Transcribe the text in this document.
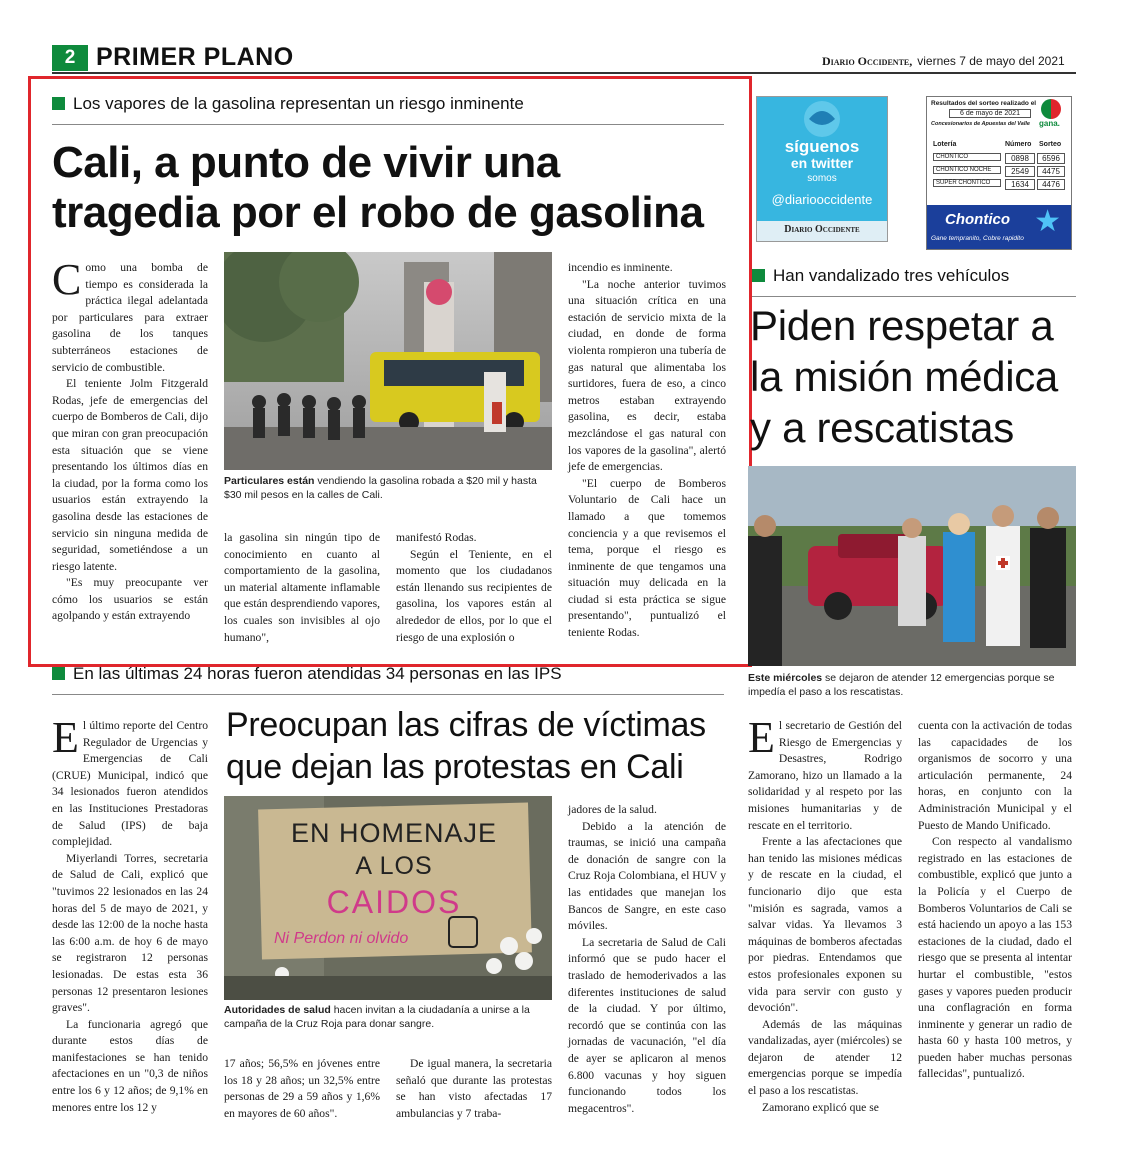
2 PRIMER PLANO	Diario Occidente, viernes 7 de mayo del 2021
Los vapores de la gasolina representan un riesgo inminente
Cali, a punto de vivir una
tragedia por el robo de gasolina
C omo una bomba de tiempo es considerada la práctica ilegal adelantada por particulares para extraer gasolina de los tanques subterráneos estaciones de servicio de combustible.

El teniente Jolm Fitzgerald Rodas, jefe de emergencias del cuerpo de Bomberos de Cali, dijo que miran con gran preocupación esta situación que se viene presentando los últimos días en la ciudad, por la forma como los usuarios están extrayendo la gasolina desde las estaciones de servicio sin ninguna medida de seguridad, sometiéndose a un riesgo latente.

"Es muy preocupante ver cómo los usuarios se están agolpando y están extrayendo

Particulares están vendiendo la gasolina robada a $20 mil y hasta $30 mil pesos en la calles de Cali.

la gasolina sin ningún tipo de conocimiento en cuanto al comportamiento de la gasolina, un material altamente inflamable que están desprendiendo vapores, los cuales son invisibles al ojo humano",

manifestó Rodas.

Según el Teniente, en el momento que los ciudadanos están llenando sus recipientes de gasolina, los vapores están al alrededor de ellos, por lo que el riesgo de una explosión o

incendio es inminente.

"La noche anterior tuvimos una situación crítica en una estación de servicio mixta de la ciudad, en donde de forma violenta rompieron una tubería de gas natural que alimentaba los surtidores, fuera de eso, a cinco metros estaban extrayendo gasolina, es decir, estaba mezclándose el gas natural con los vapores de la gasolina", alertó jefe de emergencias.

"El cuerpo de Bomberos Voluntario de Cali hace un llamado a que tomemos conciencia y a que revisemos el tema, porque el riesgo es inminente de que tengamos una situación muy delicada en la ciudad si esta práctica se sigue presentando", puntualizó el teniente Rodas.

síguenos
en twitter
somos
@diariooccidente
Diario Occidente
Resultados del sorteo realizado el
6 de mayo de 2021
Concesionarios de Apuestas del Valle gana.
Lotería	Número Sorteo
CHONTICO	0898	6596
CHONTICO NOCHE	2549	4475
SUPER CHONTICO	1634	4476
★
Chontico
Gane tempranito, Cobre rapidito
Han vandalizado tres vehículos
Piden respetar a
la misión médica
y a rescatistas
Este miércoles se dejaron de atender 12 emergencias porque se impedía el paso a los rescatistas.
E l secretario de Gestión del Riesgo de Emergencias y Desastres, Rodrigo Zamorano, hizo un llamado a la solidaridad y al respeto por las misiones humanitarias y de rescate en el territorio.

Frente a las afectaciones que han tenido las misiones médicas y de rescate en la ciudad, el funcionario dijo que esta "misión es sagrada, vamos a salvar vidas. Ya llevamos 3 máquinas de bomberos afectadas por piedras. Entendamos que estos profesionales exponen su vida para servir con gusto y devoción".

Además de las máquinas vandalizadas, ayer (miércoles) se dejaron de atender 12 emergencias porque se impedía el paso a los rescatistas.

Zamorano explicó que se

cuenta con la activación de todas las capacidades de los organismos de socorro y una articulación permanente, 24 horas, en conjunto con la Administración Municipal y el Puesto de Mando Unificado.

Con respecto al vandalismo registrado en las estaciones de combustible, explicó que junto a la Policía y el Cuerpo de Bomberos Voluntarios de Cali se está haciendo un apoyo a las 153 estaciones de la ciudad, dado el riesgo que se presenta al intentar hurtar el combustible, "estos gases y vapores pueden producir una conflagración en forma inminente y generar un radio de hasta 60 y hasta 100 metros, y pueden haber muchas personas fallecidas", puntualizó.

En las últimas 24 horas fueron atendidas 34 personas en las IPS
E l último reporte del Centro Regulador de Urgencias y Emergencias de Cali (CRUE) Municipal, indicó que 34 lesionados fueron atendidos en las Instituciones Prestadoras de Salud (IPS) de baja complejidad.

Miyerlandi Torres, secretaria de Salud de Cali, explicó que "tuvimos 22 lesionados en las 24 horas del 5 de mayo de 2021, y desde las 12:00 de la noche hasta las 6:00 a.m. de hoy 6 de mayo se registraron 12 personas lesionadas. De estas esta 36 personas 12 presentaron lesiones graves".

La funcionaria agregó que durante estos días de manifestaciones se han tenido afectaciones en un "0,3 de niños entre los 6 y 12 años; de 9,1% en menores entre los 12 y

Preocupan las cifras de víctimas
que dejan las protestas en Cali
EN HOMENAJE
A LOS
CAIDOS
Ni Perdon ni olvido
Autoridades de salud hacen invitan a la ciudadanía a unirse a la campaña de la Cruz Roja para donar sangre.

17 años; 56,5% en jóvenes entre los 18 y 28 años; un 32,5% entre personas de 29 a 59 años y 1,6% en mayores de 60 años".

De igual manera, la secretaria señaló que durante las protestas se han visto afectadas 17 ambulancias y 7 traba-

jadores de la salud.

Debido a la atención de traumas, se inició una campaña de donación de sangre con la Cruz Roja Colombiana, el HUV y las entidades que manejan los Bancos de Sangre, en este caso móviles.

La secretaria de Salud de Cali informó que se pudo hacer el traslado de hemoderivados a las diferentes instituciones de salud de la ciudad. Y por último, recordó que se continúa con las jornadas de vacunación, "el día de ayer se aplicaron al menos 6.800 vacunas y hoy siguen funcionando todos los megacentros".
